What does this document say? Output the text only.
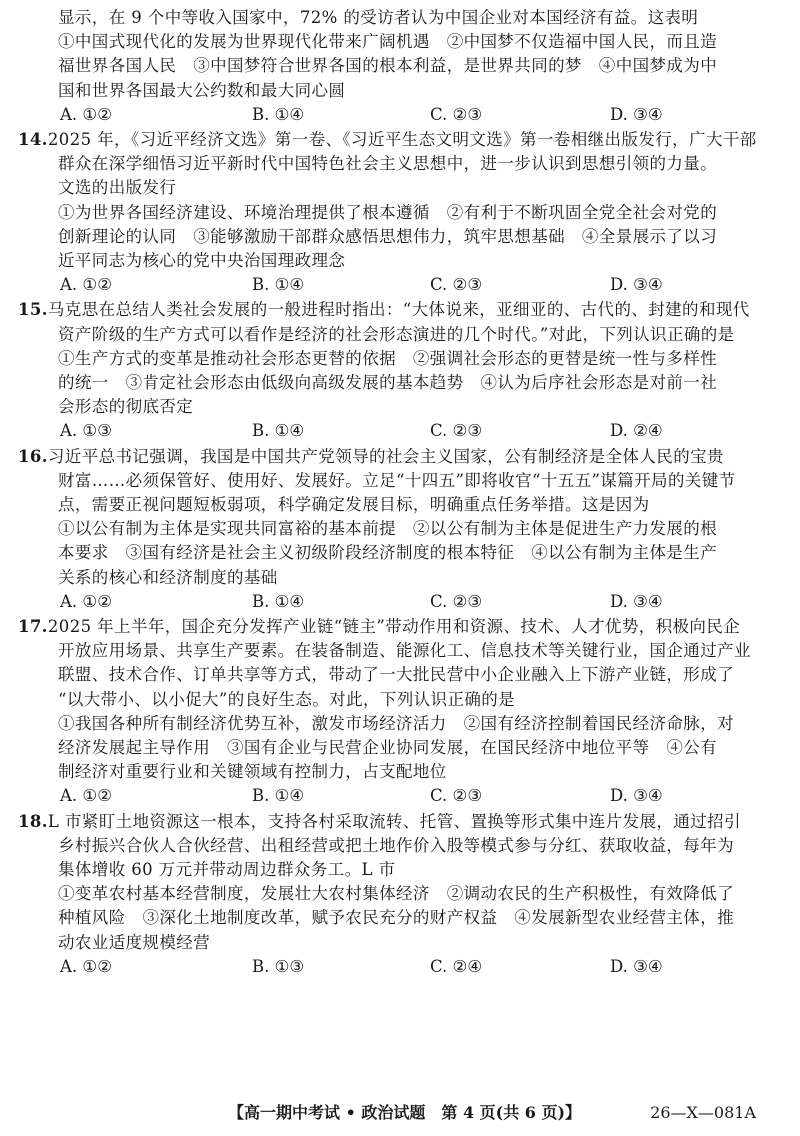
显示，在 9 个中等收入国家中，72% 的受访者认为中国企业对本国经济有益。这表明
①中国式现代化的发展为世界现代化带来广阔机遇　②中国梦不仅造福中国人民，而且造
福世界各国人民　③中国梦符合世界各国的根本利益，是世界共同的梦　④中国梦成为中
国和世界各国最大公约数和最大同心圆
A. ①②	B. ①④	C. ②③	D. ③④
14.2025 年，《习近平经济文选》第一卷、《习近平生态文明文选》第一卷相继出版发行，广大干部
群众在深学细悟习近平新时代中国特色社会主义思想中，进一步认识到思想引领的力量。
文选的出版发行
①为世界各国经济建设、环境治理提供了根本遵循　②有利于不断巩固全党全社会对党的
创新理论的认同　③能够激励干部群众感悟思想伟力，筑牢思想基础　④全景展示了以习
近平同志为核心的党中央治国理政理念
A. ①②	B. ①④	C. ②③	D. ③④
15.马克思在总结人类社会发展的一般进程时指出：“大体说来，亚细亚的、古代的、封建的和现代
资产阶级的生产方式可以看作是经济的社会形态演进的几个时代。”对此，下列认识正确的是
①生产方式的变革是推动社会形态更替的依据　②强调社会形态的更替是统一性与多样性
的统一　③肯定社会形态由低级向高级发展的基本趋势　④认为后序社会形态是对前一社
会形态的彻底否定
A. ①③	B. ①④	C. ②③	D. ②④
16.习近平总书记强调，我国是中国共产党领导的社会主义国家，公有制经济是全体人民的宝贵
财富……必须保管好、使用好、发展好。立足“十四五”即将收官“十五五”谋篇开局的关键节
点，需要正视问题短板弱项，科学确定发展目标，明确重点任务举措。这是因为
①以公有制为主体是实现共同富裕的基本前提　②以公有制为主体是促进生产力发展的根
本要求　③国有经济是社会主义初级阶段经济制度的根本特征　④以公有制为主体是生产
关系的核心和经济制度的基础
A. ①②	B. ①④	C. ②③	D. ③④
17.2025 年上半年，国企充分发挥产业链“链主”带动作用和资源、技术、人才优势，积极向民企
开放应用场景、共享生产要素。在装备制造、能源化工、信息技术等关键行业，国企通过产业
联盟、技术合作、订单共享等方式，带动了一大批民营中小企业融入上下游产业链，形成了
“以大带小、以小促大”的良好生态。对此，下列认识正确的是
①我国各种所有制经济优势互补，激发市场经济活力　②国有经济控制着国民经济命脉，对
经济发展起主导作用　③国有企业与民营企业协同发展，在国民经济中地位平等　④公有
制经济对重要行业和关键领域有控制力，占支配地位
A. ①②	B. ①④	C. ②③	D. ③④
18.L 市紧盯土地资源这一根本，支持各村采取流转、托管、置换等形式集中连片发展，通过招引
乡村振兴合伙人合伙经营、出租经营或把土地作价入股等模式参与分红、获取收益，每年为
集体增收 60 万元并带动周边群众务工。L 市
①变革农村基本经营制度，发展壮大农村集体经济　②调动农民的生产积极性，有效降低了
种植风险　③深化土地制度改革，赋予农民充分的财产权益　④发展新型农业经营主体，推
动农业适度规模经营
A. ①②	B. ①③	C. ②④	D. ③④
【高一期中考试 • 政治试题　第 4 页(共 6 页)】	26—X—081A
